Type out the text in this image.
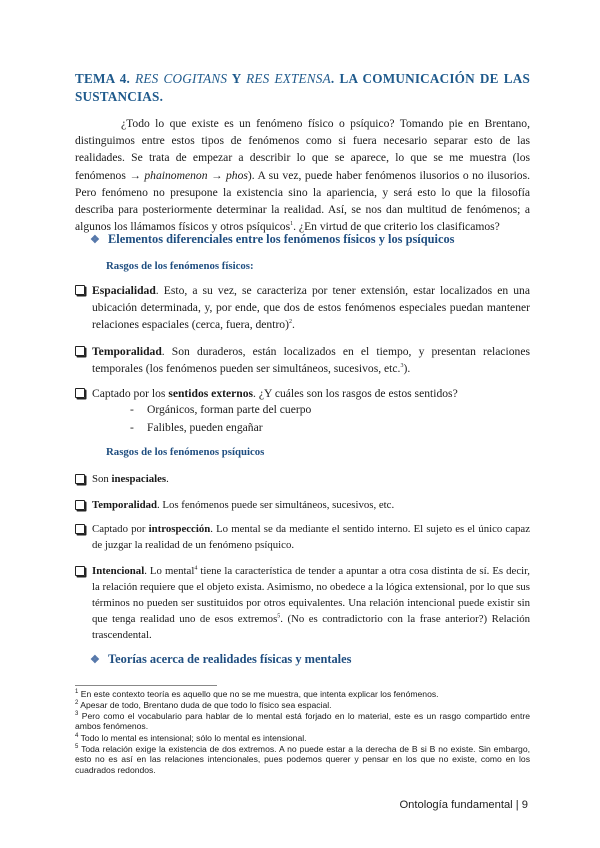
TEMA 4. RES COGITANS Y RES EXTENSA. LA COMUNICACIÓN DE LAS SUSTANCIAS.
¿Todo lo que existe es un fenómeno físico o psíquico? Tomando pie en Brentano, distinguimos entre estos tipos de fenómenos como si fuera necesario separar esto de las realidades. Se trata de empezar a describir lo que se aparece, lo que se me muestra (los fenómenos → phainomenon → phos). A su vez, puede haber fenómenos ilusorios o no ilusorios. Pero fenómeno no presupone la existencia sino la apariencia, y será esto lo que la filosofía describa para posteriormente determinar la realidad. Así, se nos dan multitud de fenómenos; a algunos los llámamos físicos y otros psíquicos$^1$. ¿En virtud de que criterio los clasificamos?
❖ Elementos diferenciales entre los fenómenos físicos y los psíquicos
Rasgos de los fenómenos físicos:
Espacialidad. Esto, a su vez, se caracteriza por tener extensión, estar localizados en una ubicación determinada, y, por ende, que dos de estos fenómenos especiales puedan mantener relaciones espaciales (cerca, fuera, dentro)$^2$.
Temporalidad. Son duraderos, están localizados en el tiempo, y presentan relaciones temporales (los fenómenos pueden ser simultáneos, sucesivos, etc.$^3$).
Captado por los sentidos externos. ¿Y cuáles son los rasgos de estos sentidos?
- Orgánicos, forman parte del cuerpo
- Falibles, pueden engañar
Rasgos de los fenómenos psíquicos
Son inespaciales.
Temporalidad. Los fenómenos puede ser simultáneos, sucesivos, etc.
Captado por introspección. Lo mental se da mediante el sentido interno. El sujeto es el único capaz de juzgar la realidad de un fenómeno psíquico.
Intencional. Lo mental$^4$ tiene la característica de tender a apuntar a otra cosa distinta de sí. Es decir, la relación requiere que el objeto exista. Asimismo, no obedece a la lógica extensional, por lo que sus términos no pueden ser sustituidos por otros equivalentes. Una relación intencional puede existir sin que tenga realidad uno de esos extremos$^5$. (No es contradictorio con la frase anterior?) Relación trascendental.
❖ Teorías acerca de realidades físicas y mentales
$^1$ En este contexto teoría es aquello que no se me muestra, que intenta explicar los fenómenos.
$^2$ Apesar de todo, Brentano duda de que todo lo físico sea espacial.
$^3$ Pero como el vocabulario para hablar de lo mental está forjado en lo material, este es un rasgo compartido entre ambos fenómenos.
$^4$ Todo lo mental es intensional; sólo lo mental es intensional.
$^5$ Toda relación exige la existencia de dos extremos. A no puede estar a la derecha de B si B no existe. Sin embargo, esto no es así en las relaciones intencionales, pues podemos querer y pensar en los que no existe, como en los cuadrados redondos.
Ontología fundamental | 9
